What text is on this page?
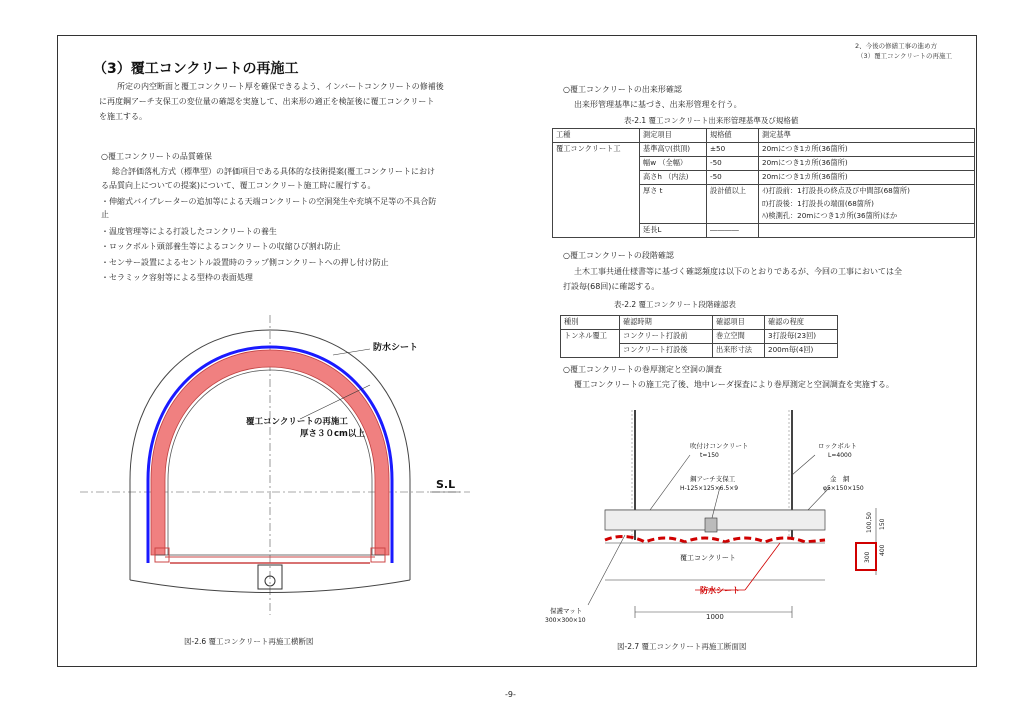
2、今後の修繕工事の進め方
（3）覆工コンクリートの再施工
（3）覆工コンクリートの再施工
所定の内空断面と覆工コンクリート厚を確保できるよう、インバートコンクリートの修補後
に再度鋼アーチ支保工の変位量の確認を実施して、出来形の適正を検証後に覆工コンクリート
を施工する。
○覆工コンクリートの品質確保
総合評価落札方式（標準型）の評価項目である具体的な技術提案(覆工コンクリートにおけ
る品質向上についての提案)について、覆工コンクリート施工時に履行する。
・伸縮式バイブレーターの追加等による天端コンクリートの空洞発生や充填不足等の不具合防
止
・温度管理等による打設したコンクリートの養生
・ロックボルト頭部養生等によるコンクリートの収縮ひび割れ防止
・センサー設置によるセントル設置時のラップ側コンクリートへの押し付け防止
・セラミック容射等による型枠の表面処理
防水シート
覆工コンクリートの再施工
厚さ３０cm以上
S.L
図-2.6 覆工コンクリート再施工横断図
○覆工コンクリートの出来形確認
出来形管理基準に基づき、出来形管理を行う。
表-2.1 覆工コンクリート出来形管理基準及び規格値
工種	測定項目	規格値	測定基準
覆工コンクリート工	基準高▽(拱頂)	±50	20mにつき1カ所(36箇所)
	幅w （全幅）	-50	20mにつき1カ所(36箇所)
	高さh （内法)	-50	20mにつき1カ所(36箇所)
	厚さ t	設計値以上	ｲ)打設前：1打設長の終点及び中間部(68箇所)
ﾛ)打設後：1打設長の端面(68箇所)
ﾊ)検測孔：20mにつき1カ所(36箇所)ほか

	延長L	――――	
○覆工コンクリートの段階確認
土木工事共通仕様書等に基づく確認頻度は以下のとおりであるが、今回の工事においては全
打設毎(68回)に確認する。
表-2.2 覆工コンクリート段階確認表
種別	確認時期	確認項目	確認の程度
トンネル覆工	コンクリート打設前	巻立空間	3打設毎(23回)
	コンクリート打設後	出来形寸法	200m毎(4回)
○覆工コンクリートの巻厚測定と空洞の調査
覆工コンクリートの施工完了後、地中レーダ探査により巻厚測定と空洞調査を実施する。
1000
100,50 150
400
300
吹付けコンクリート
t=150
ロックボルト
L=4000
鋼アーチ支保工
H-125×125×6.5×9
金　網
φ5×150×150
覆工コンクリート
防水シート
保護マット
300×300×10
図-2.7 覆工コンクリート再施工断面図
-9-
